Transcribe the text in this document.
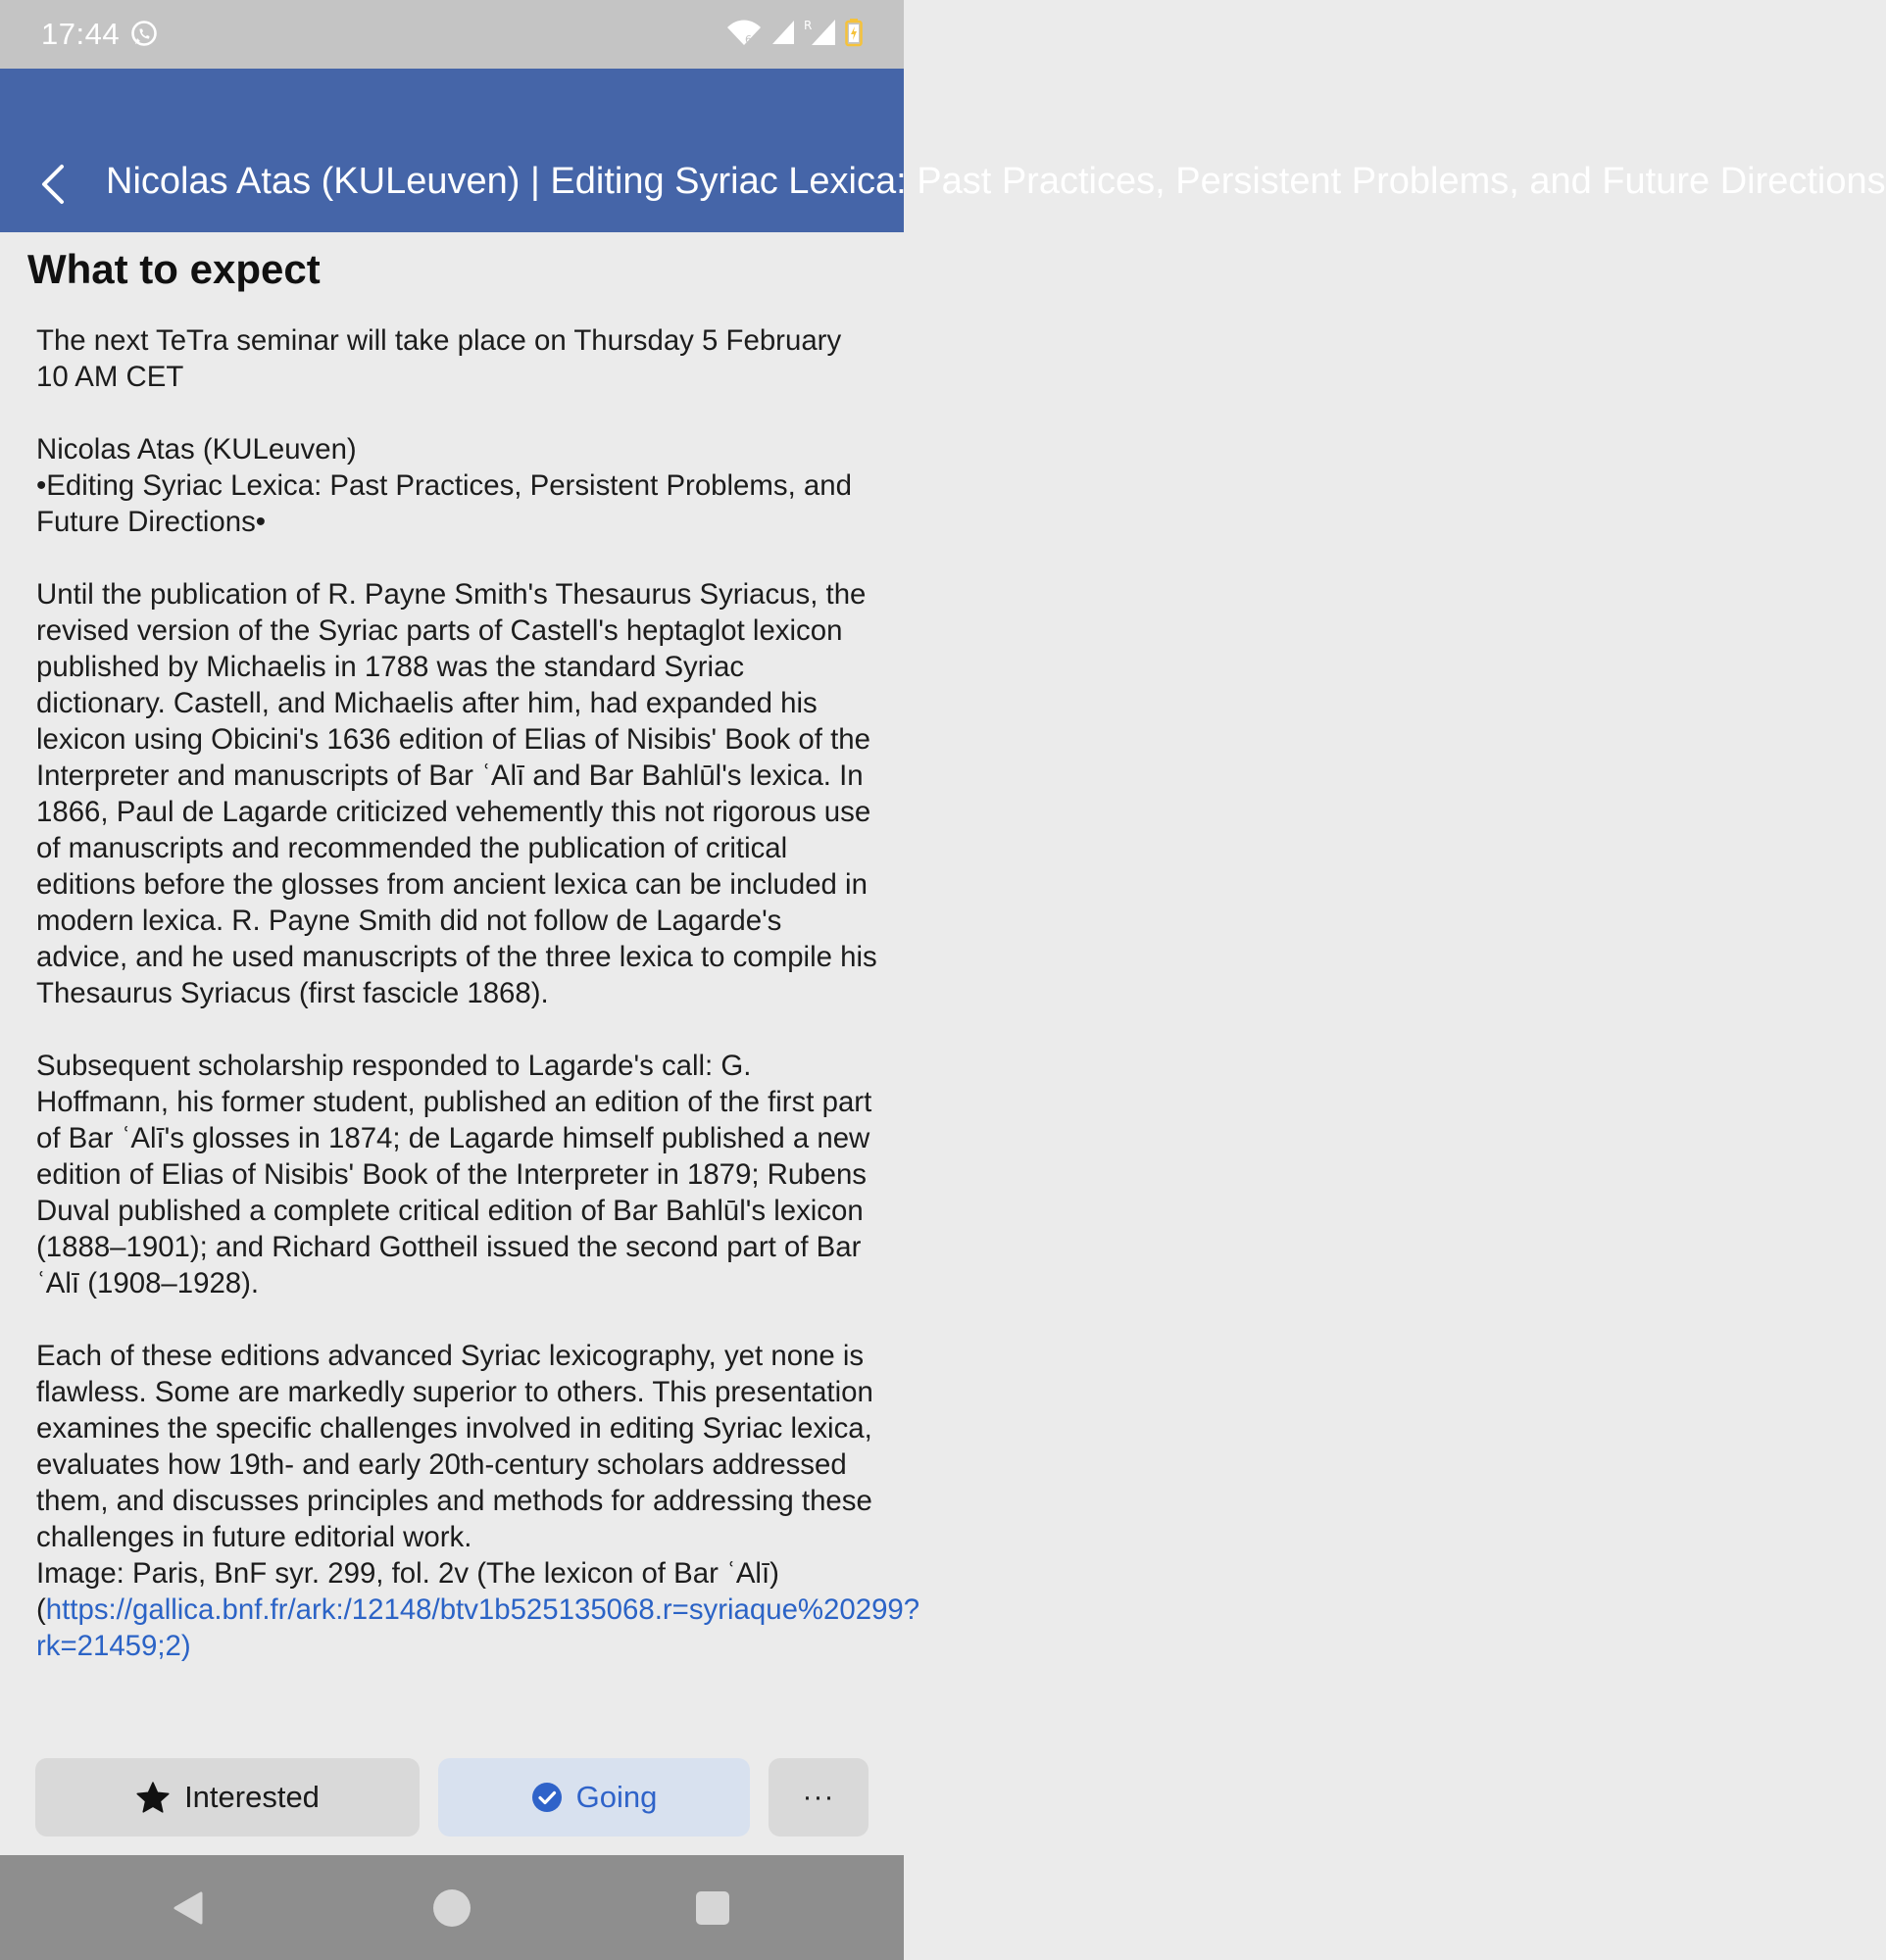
17:44	6
R
Nicolas Atas (KULeuven) | Editing Syriac Lexica: Past Practices, Persistent Problems, and Future Directions
What to expect

The next TeTra seminar will take place on Thursday 5 February 10 AM CET

Nicolas Atas (KULeuven)
•Editing Syriac Lexica: Past Practices, Persistent Problems, and Future Directions•

Until the publication of R. Payne Smith's Thesaurus Syriacus, the revised version of the Syriac parts of Castell's heptaglot lexicon published by Michaelis in 1788 was the standard Syriac dictionary. Castell, and Michaelis after him, had expanded his lexicon using Obicini's 1636 edition of Elias of Nisibis' Book of the Interpreter and manuscripts of Bar ʿAlī and Bar Bahlūl's lexica. In 1866, Paul de Lagarde criticized vehemently this not rigorous use of manuscripts and recommended the publication of critical editions before the glosses from ancient lexica can be included in modern lexica. R. Payne Smith did not follow de Lagarde's advice, and he used manuscripts of the three lexica to compile his Thesaurus Syriacus (first fascicle 1868).

Subsequent scholarship responded to Lagarde's call: G. Hoffmann, his former student, published an edition of the first part of Bar ʿAlī's glosses in 1874; de Lagarde himself published a new edition of Elias of Nisibis' Book of the Interpreter in 1879; Rubens Duval published a complete critical edition of Bar Bahlūl's lexicon (1888–1901); and Richard Gottheil issued the second part of Bar ʿAlī (1908–1928).

Each of these editions advanced Syriac lexicography, yet none is flawless. Some are markedly superior to others. This presentation examines the specific challenges involved in editing Syriac lexica, evaluates how 19th- and early 20th-century scholars addressed them, and discusses principles and methods for addressing these challenges in future editorial work.

Image: Paris, BnF syr. 299, fol. 2v (The lexicon of Bar ʿAlī)
(https://gallica.bnf.fr/ark:/12148/btv1b525135068.r=syriaque%20299?rk=21459;2)

Interested	Going	···
